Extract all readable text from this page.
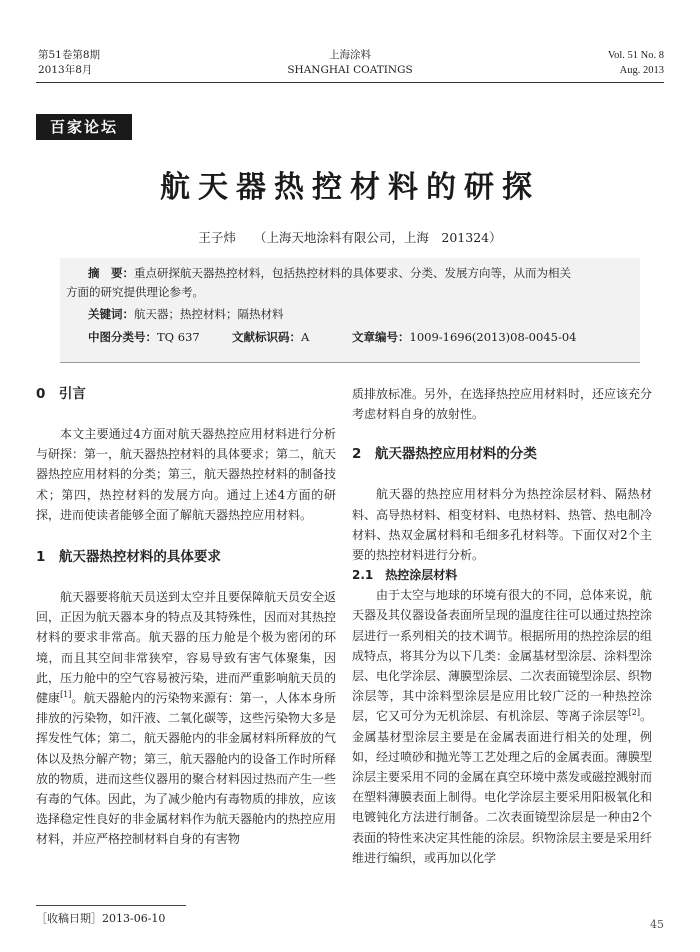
第51卷第8期
2013年8月
上海涂料
SHANGHAI COATINGS
Vol. 51 No. 8
Aug. 2013
百家论坛
航天器热控材料的研探
王子炜 （上海天地涂料有限公司，上海　201324）
摘　要：重点研探航天器热控材料，包括热控材料的具体要求、分类、发展方向等，从而为相关
方面的研究提供理论参考。
关键词：航天器；热控材料；隔热材料
中图分类号：TQ 637	文献标识码：A	文章编号：1009-1696(2013)08-0045-04
0　引言

本文主要通过4方面对航天器热控应用材料进行分析与研探：第一，航天器热控材料的具体要求；第二，航天器热控应用材料的分类；第三，航天器热控材料的制备技术；第四，热控材料的发展方向。通过上述4方面的研探，进而使读者能够全面了解航天器热控应用材料。

1　航天器热控材料的具体要求

航天器要将航天员送到太空并且要保障航天员安全返回，正因为航天器本身的特点及其特殊性，因而对其热控材料的要求非常高。航天器的压力舱是个极为密闭的环境，而且其空间非常狭窄，容易导致有害气体聚集，因此，压力舱中的空气容易被污染，进而严重影响航天员的健康[1]。航天器舱内的污染物来源有：第一，人体本身所排放的污染物，如汗液、二氧化碳等，这些污染物大多是挥发性气体；第二，航天器舱内的非金属材料所释放的气体以及热分解产物；第三，航天器舱内的设备工作时所释放的物质，进而这些仪器用的聚合材料因过热而产生一些有毒的气体。因此，为了减少舱内有毒物质的排放，应该选择稳定性良好的非金属材料作为航天器舱内的热控应用材料，并应严格控制材料自身的有害物

质排放标准。另外，在选择热控应用材料时，还应该充分考虑材料自身的放射性。

2　航天器热控应用材料的分类

航天器的热控应用材料分为热控涂层材料、隔热材料、高导热材料、相变材料、电热材料、热管、热电制冷材料、热双金属材料和毛细多孔材料等。下面仅对2个主要的热控材料进行分析。

2.1　热控涂层材料

由于太空与地球的环境有很大的不同，总体来说，航天器及其仪器设备表面所呈现的温度往往可以通过热控涂层进行一系列相关的技术调节。根据所用的热控涂层的组成特点，将其分为以下几类：金属基材型涂层、涂料型涂层、电化学涂层、薄膜型涂层、二次表面镜型涂层、织物涂层等，其中涂料型涂层是应用比较广泛的一种热控涂层，它又可分为无机涂层、有机涂层、等离子涂层等[2]。金属基材型涂层主要是在金属表面进行相关的处理，例如，经过喷砂和抛光等工艺处理之后的金属表面。薄膜型涂层主要采用不同的金属在真空环境中蒸发或磁控溅射而在塑料薄膜表面上制得。电化学涂层主要采用阳极氧化和电镀钝化方法进行制备。二次表面镜型涂层是一种由2个表面的特性来决定其性能的涂层。织物涂层主要是采用纤维进行编织，或再加以化学

［收稿日期］2013-06-10	45
